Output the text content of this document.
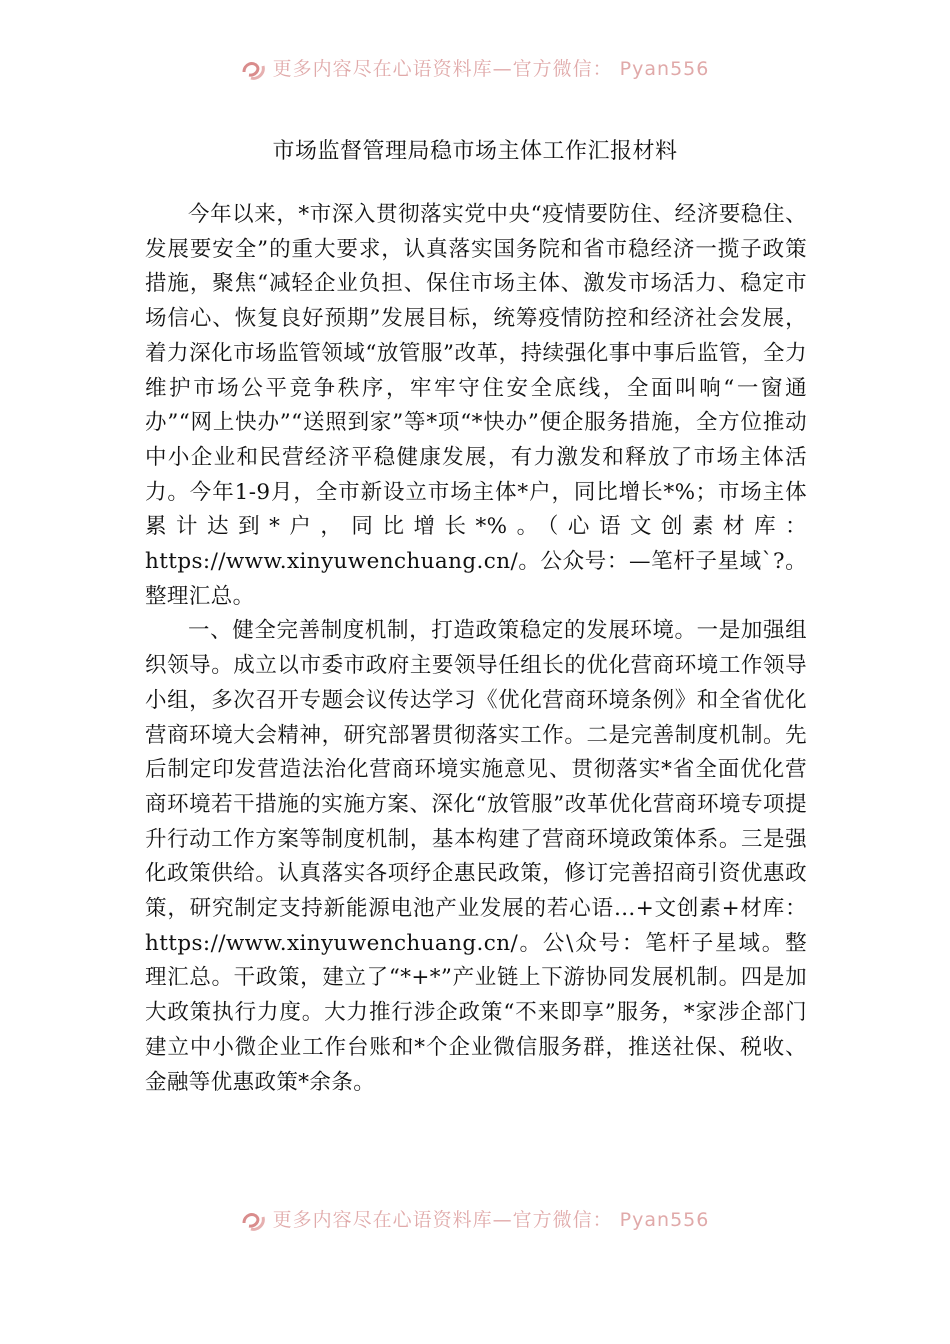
更多内容尽在心语资料库—官方微信： Pyan556
市场监督管理局稳市场主体工作汇报材料

今年以来，*市深入贯彻落实党中央“疫情要防住、经济要稳住、发展要安全”的重大要求，认真落实国务院和省市稳经济一揽子政策措施，聚焦“减轻企业负担、保住市场主体、激发市场活力、稳定市场信心、恢复良好预期”发展目标，统筹疫情防控和经济社会发展，着力深化市场监管领域“放管服”改革，持续强化事中事后监管，全力维护市场公平竞争秩序，牢牢守住安全底线，全面叫响“一窗通办”“网上快办”“送照到家”等*项“*快办”便企服务措施，全方位推动中小企业和民营经济平稳健康发展，有力激发和释放了市场主体活力。今年1-9月，全市新设立市场主体*户，同比增长*%；市场主体累计达到*户，同比增长*%。（心语文创素材库：https://www.xinyuwenchuang.cn/。公众号：—笔杆子星域`?。整理汇总。

一、健全完善制度机制，打造政策稳定的发展环境。一是加强组织领导。成立以市委市政府主要领导任组长的优化营商环境工作领导小组，多次召开专题会议传达学习《优化营商环境条例》和全省优化营商环境大会精神，研究部署贯彻落实工作。二是完善制度机制。先后制定印发营造法治化营商环境实施意见、贯彻落实*省全面优化营商环境若干措施的实施方案、深化“放管服”改革优化营商环境专项提升行动工作方案等制度机制，基本构建了营商环境政策体系。三是强化政策供给。认真落实各项纾企惠民政策，修订完善招商引资优惠政策，研究制定支持新能源电池产业发展的若心语…+文创素+材库：https://www.xinyuwenchuang.cn/。公\众号：笔杆子星域。整理汇总。干政策，建立了“*+*”产业链上下游协同发展机制。四是加大政策执行力度。大力推行涉企政策“不来即享”服务，*家涉企部门建立中小微企业工作台账和*个企业微信服务群，推送社保、税收、金融等优惠政策*余条。

更多内容尽在心语资料库—官方微信： Pyan556
